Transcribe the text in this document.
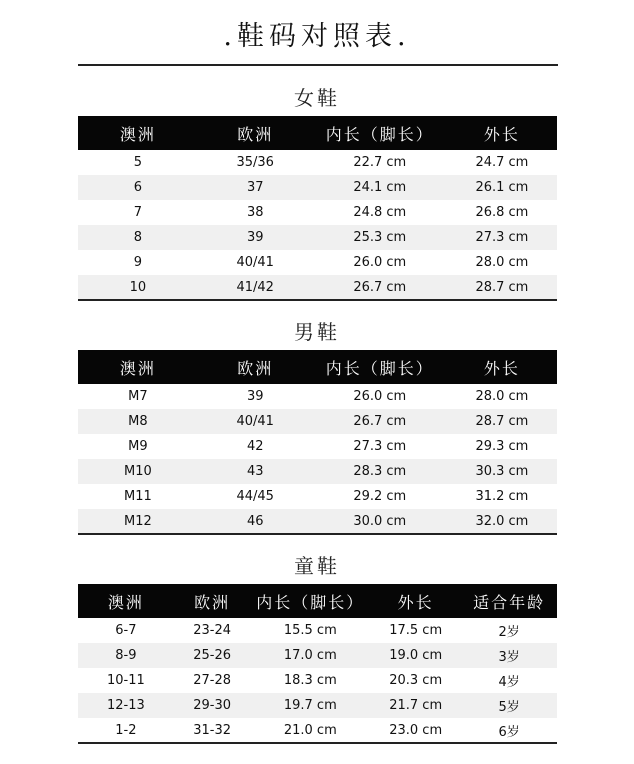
.鞋码对照表.
女鞋
澳洲	欧洲	内长（脚长）	外长
5	35/36	22.7 cm	24.7 cm
6	37	24.1 cm	26.1 cm
7	38	24.8 cm	26.8 cm
8	39	25.3 cm	27.3 cm
9	40/41	26.0 cm	28.0 cm
10	41/42	26.7 cm	28.7 cm
男鞋
澳洲	欧洲	内长（脚长）	外长
M7	39	26.0 cm	28.0 cm
M8	40/41	26.7 cm	28.7 cm
M9	42	27.3 cm	29.3 cm
M10	43	28.3 cm	30.3 cm
M11	44/45	29.2 cm	31.2 cm
M12	46	30.0 cm	32.0 cm
童鞋
澳洲	欧洲	内长（脚长）	外长	适合年龄
6-7	23-24	15.5 cm	17.5 cm	2岁
8-9	25-26	17.0 cm	19.0 cm	3岁
10-11	27-28	18.3 cm	20.3 cm	4岁
12-13	29-30	19.7 cm	21.7 cm	5岁
1-2	31-32	21.0 cm	23.0 cm	6岁
